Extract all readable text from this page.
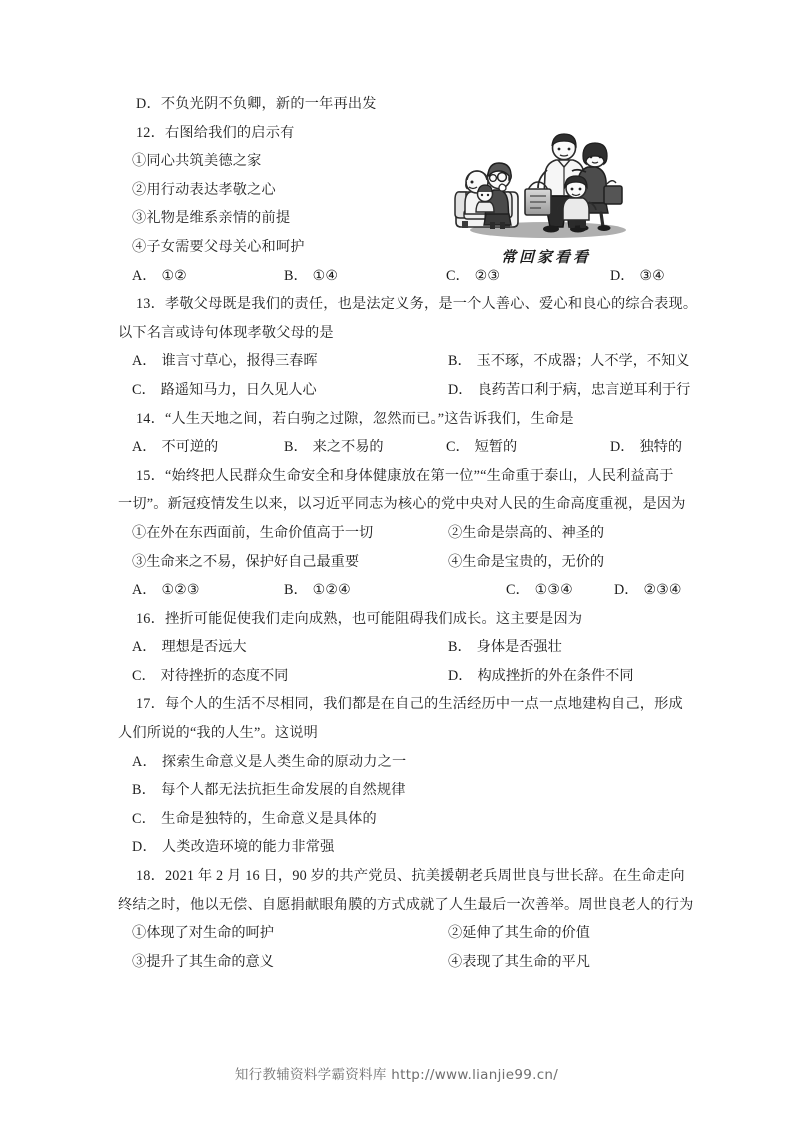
D．不负光阴不负卿，新的一年再出发
12．右图给我们的启示有
①同心共筑美德之家
②用行动表达孝敬之心
③礼物是维系亲情的前提
④子女需要父母关心和呵护
A． ①②	B． ①④	C． ②③	D． ③④
13．孝敬父母既是我们的责任，也是法定义务，是一个人善心、爱心和良心的综合表现。
以下名言或诗句体现孝敬父母的是
A． 谁言寸草心，报得三春晖	B． 玉不琢，不成器；人不学，不知义
C． 路遥知马力，日久见人心	D． 良药苦口利于病，忠言逆耳利于行
14．“人生天地之间，若白驹之过隙，忽然而已。”这告诉我们，生命是
A． 不可逆的	B． 来之不易的	C． 短暂的	D． 独特的
15．“始终把人民群众生命安全和身体健康放在第一位”“生命重于泰山，人民利益高于
一切”。新冠疫情发生以来，以习近平同志为核心的党中央对人民的生命高度重视，是因为
①在外在东西面前，生命价值高于一切	②生命是崇高的、神圣的
③生命来之不易，保护好自己最重要	④生命是宝贵的，无价的
A． ①②③	B． ①②④	C． ①③④	D． ②③④
16．挫折可能促使我们走向成熟，也可能阻碍我们成长。这主要是因为
A． 理想是否远大	B． 身体是否强壮
C． 对待挫折的态度不同	D． 构成挫折的外在条件不同
17．每个人的生活不尽相同，我们都是在自己的生活经历中一点一点地建构自己，形成
人们所说的“我的人生”。这说明
A． 探索生命意义是人类生命的原动力之一
B． 每个人都无法抗拒生命发展的自然规律
C． 生命是独特的，生命意义是具体的
D． 人类改造环境的能力非常强
18．2021 年 2 月 16 日，90 岁的共产党员、抗美援朝老兵周世良与世长辞。在生命走向
终结之时，他以无偿、自愿捐献眼角膜的方式成就了人生最后一次善举。周世良老人的行为
①体现了对生命的呵护	②延伸了其生命的价值
③提升了其生命的意义	④表现了其生命的平凡
常回家看看
知行教辅资料学霸资料库 http://www.lianjie99.cn/
